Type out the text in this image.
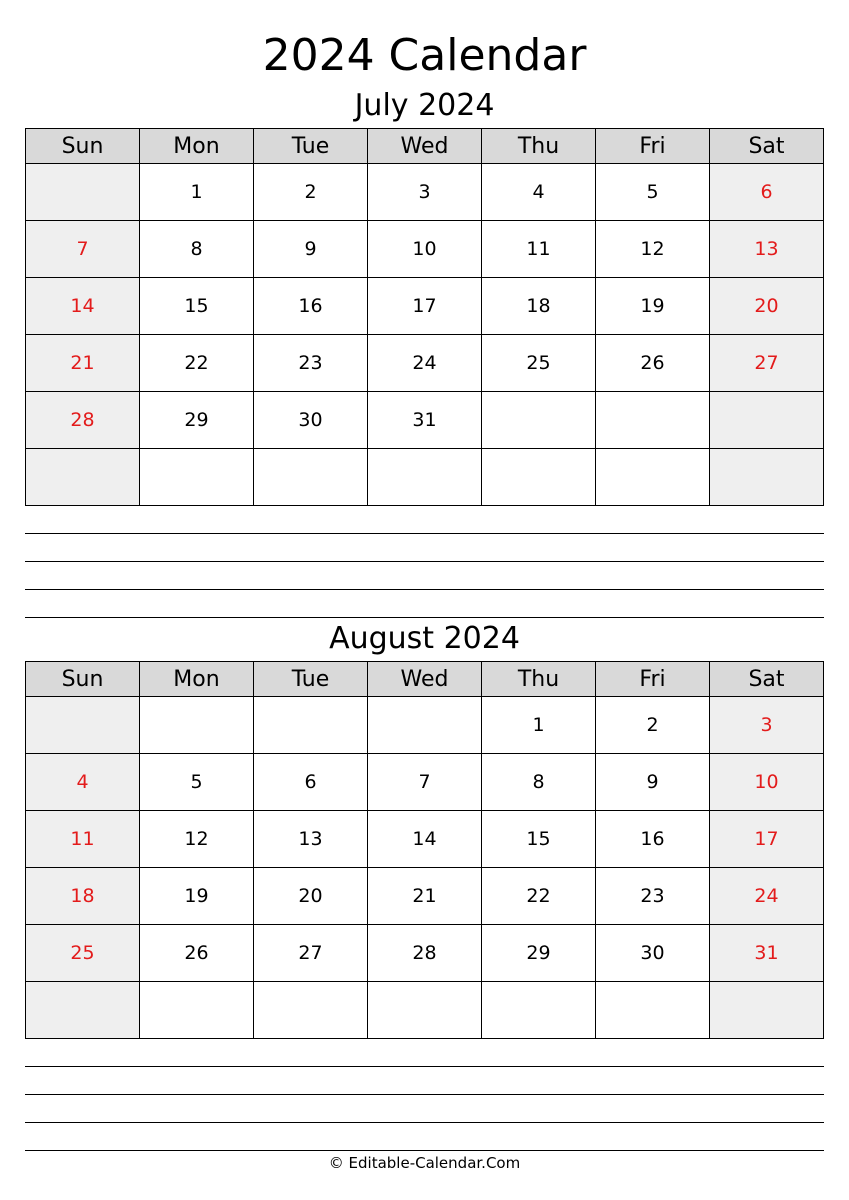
2024 Calendar
July 2024
Sun	Mon	Tue	Wed	Thu	Fri	Sat
	1	2	3	4	5	6
7	8	9	10	11	12	13
14	15	16	17	18	19	20
21	22	23	24	25	26	27
28	29	30	31			

August 2024
Sun	Mon	Tue	Wed	Thu	Fri	Sat
				1	2	3
4	5	6	7	8	9	10
11	12	13	14	15	16	17
18	19	20	21	22	23	24
25	26	27	28	29	30	31

© Editable-Calendar.Com
